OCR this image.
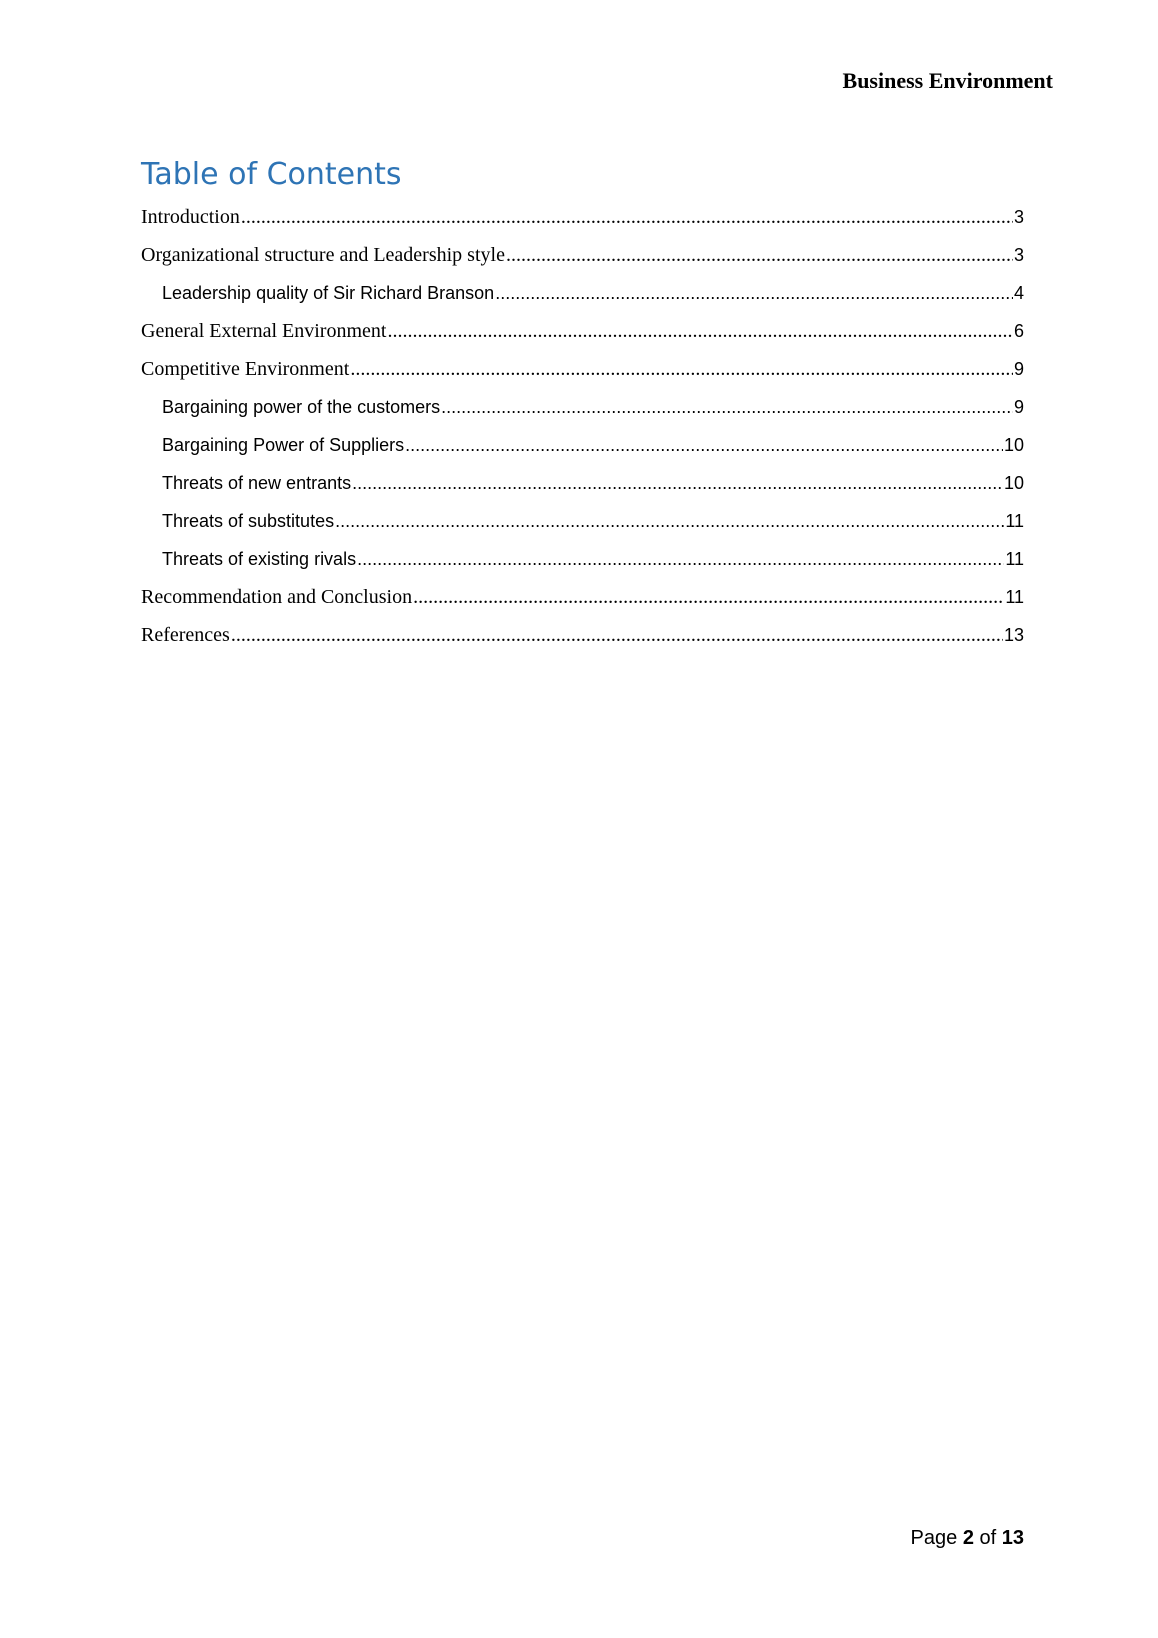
Business Environment
Table of Contents
Introduction .....	3
Organizational structure and Leadership style .....	3
Leadership quality of Sir Richard Branson .....	4
General External Environment .....	6
Competitive Environment .....	9
Bargaining power of the customers .....	9
Bargaining Power of Suppliers .....	10
Threats of new entrants .....	10
Threats of substitutes .....	11
Threats of existing rivals .....	11
Recommendation and Conclusion .....	11
References .....	13
Page 2 of 13
